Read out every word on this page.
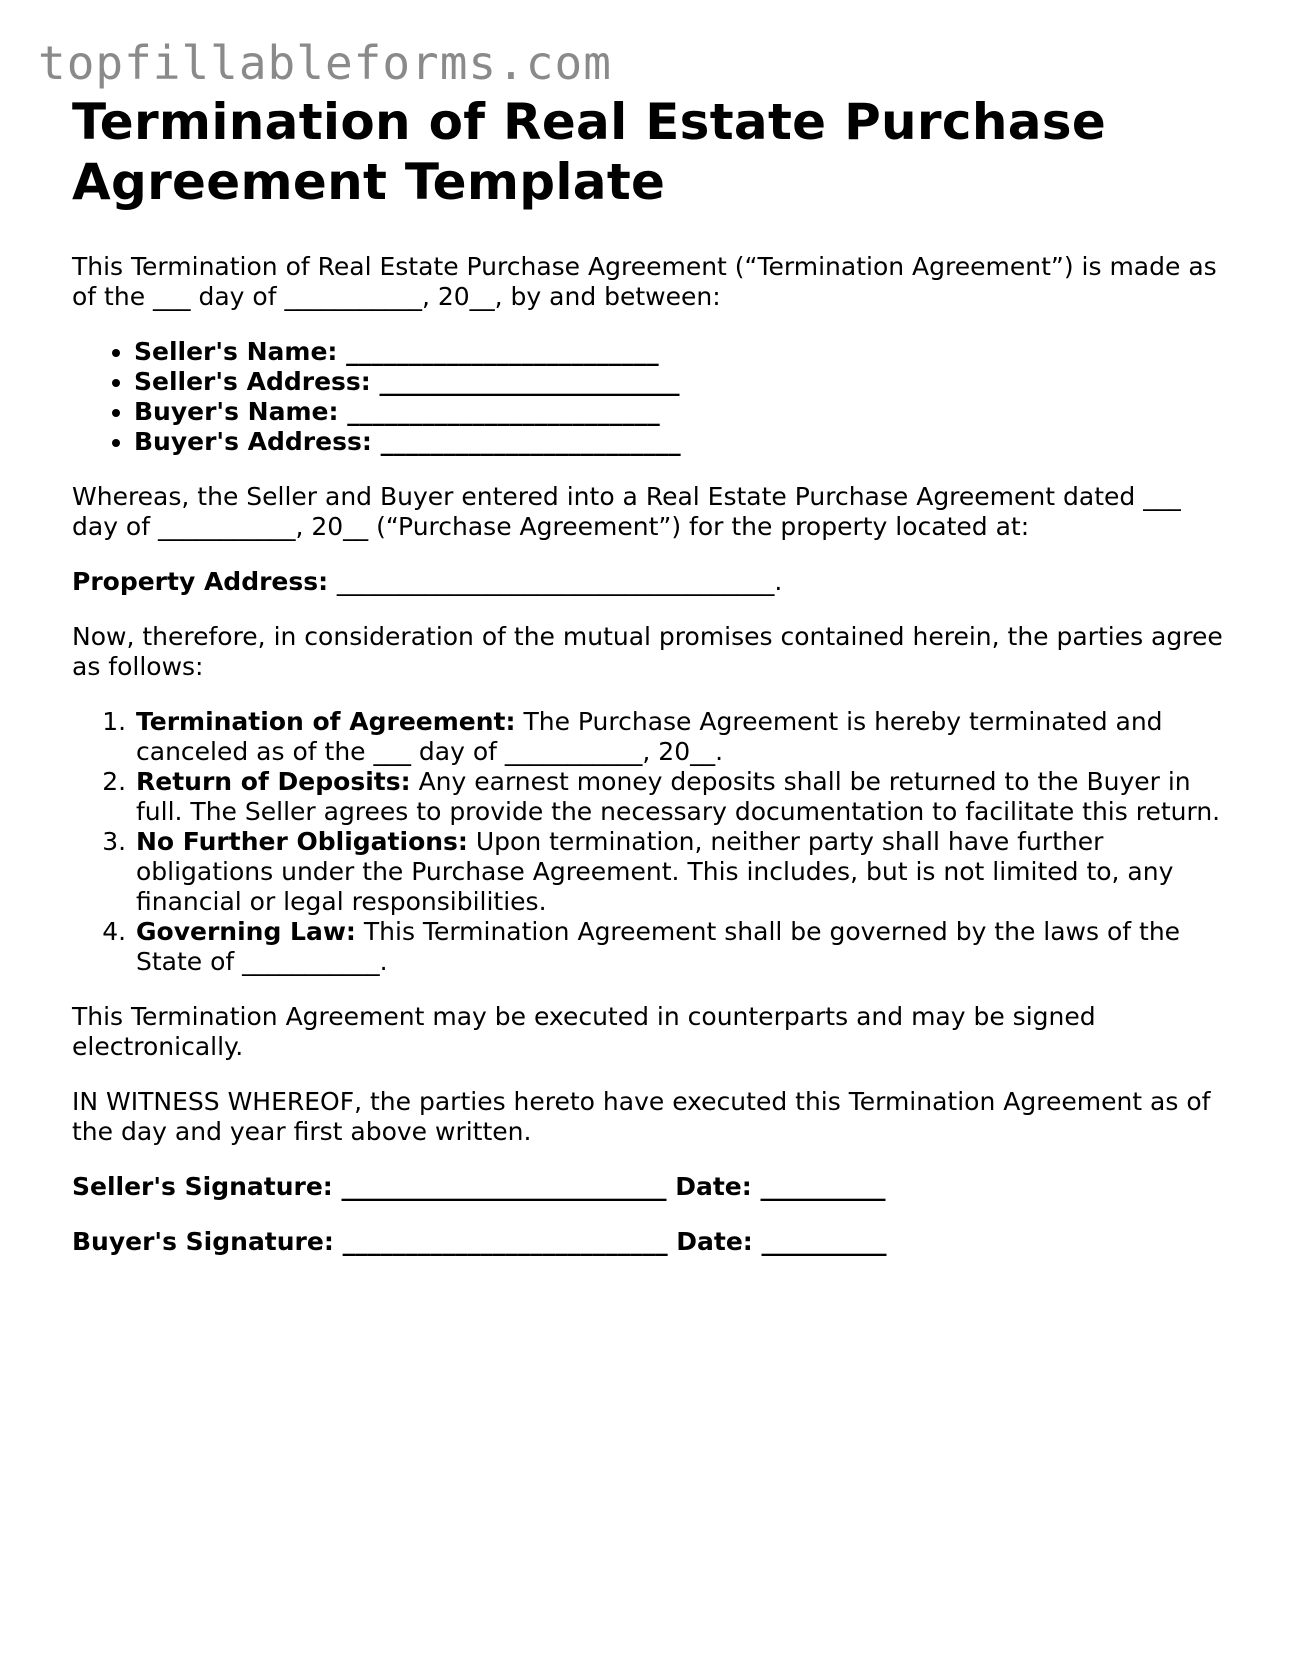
topfillableforms.com
Termination of Real Estate Purchase
Agreement Template

This Termination of Real Estate Purchase Agreement (“Termination Agreement”) is made as of the ___ day of ___________, 20__, by and between:

• Seller's Name: _________________________
• Seller's Address: ________________________
• Buyer's Name: _________________________
• Buyer's Address: ________________________

Whereas, the Seller and Buyer entered into a Real Estate Purchase Agreement dated ___ day of ___________, 20__ (“Purchase Agreement”) for the property located at:

Property Address: ___________________________________.

Now, therefore, in consideration of the mutual promises contained herein, the parties agree as follows:

1. Termination of Agreement: The Purchase Agreement is hereby terminated and canceled as of the ___ day of ___________, 20__.
2. Return of Deposits: Any earnest money deposits shall be returned to the Buyer in full. The Seller agrees to provide the necessary documentation to facilitate this return.
3. No Further Obligations: Upon termination, neither party shall have further obligations under the Purchase Agreement. This includes, but is not limited to, any financial or legal responsibilities.
4. Governing Law: This Termination Agreement shall be governed by the laws of the State of ___________.

This Termination Agreement may be executed in counterparts and may be signed electronically.

IN WITNESS WHEREOF, the parties hereto have executed this Termination Agreement as of the day and year first above written.

Seller's Signature: __________________________ Date: __________
Buyer's Signature: __________________________ Date: __________
